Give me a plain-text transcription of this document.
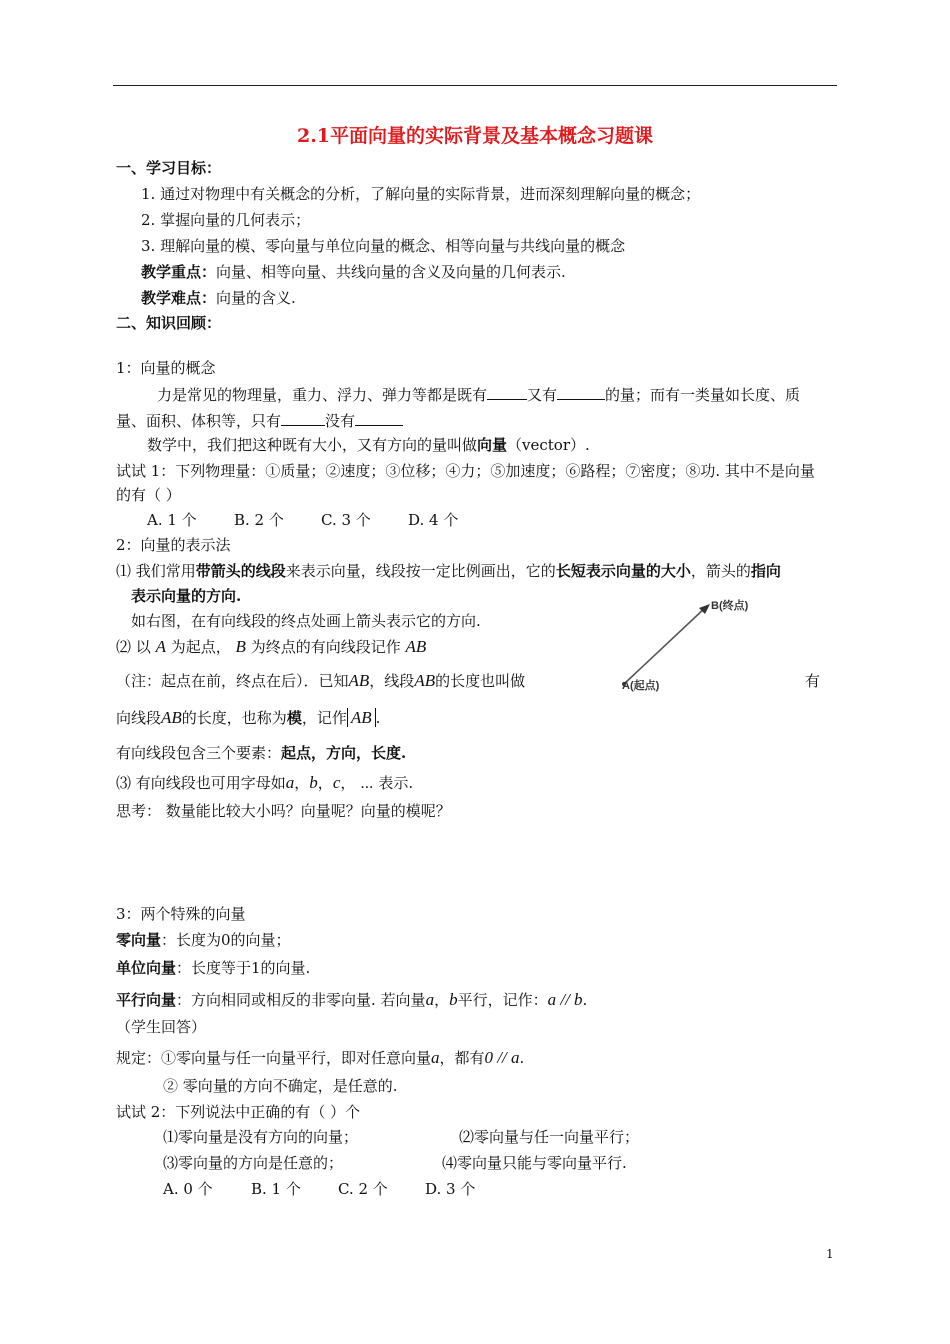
2.1平面向量的实际背景及基本概念习题课
一、学习目标：
1. 通过对物理中有关概念的分析，了解向量的实际背景，进而深刻理解向量的概念；
2. 掌握向量的几何表示；
3. 理解向量的模、零向量与单位向量的概念、相等向量与共线向量的概念
教学重点：向量、相等向量、共线向量的含义及向量的几何表示.
教学难点：向量的含义.
二、知识回顾：
1：向量的概念
力是常见的物理量，重力、浮力、弹力等都是既有	又有	的量；而有一类量如长度、质
量、面积、体积等，只有	没有
数学中，我们把这种既有大小，又有方向的量叫做向量（vector）.
试试 1：下列物理量：①质量；②速度；③位移；④力；⑤加速度；⑥路程；⑦密度；⑧功. 其中不是向量
的有（ ）
A. 1 个 B. 2 个 C. 3 个 D. 4 个
2：向量的表示法
⑴ 我们常用带箭头的线段来表示向量，线段按一定比例画出，它的长短表示向量的大小，箭头的指向
表示向量的方向.
如右图，在有向线段的终点处画上箭头表示它的方向.
⑵ 以 A 为起点， B 为终点的有向线段记作 AB
（注：起点在前，终点在后）．已知AB，线段AB的长度也叫做	有
向线段AB的长度，也称为模，记作 AB .
有向线段包含三个要素：起点，方向，长度.
⑶ 有向线段也可用字母如a，b，c， ⋯ 表示.
思考： 数量能比较大小吗？向量呢？向量的模呢？
B(终点)
A(起点)
3：两个特殊的向量
零向量：长度为0的向量；
单位向量：长度等于1的向量.
平行向量：方向相同或相反的非零向量. 若向量a，b平行，记作：a // b.
（学生回答）
规定：①零向量与任一向量平行，即对任意向量a，都有0 // a.
② 零向量的方向不确定，是任意的.
试试 2：下列说法中正确的有（ ）个
⑴零向量是没有方向的向量；	⑵零向量与任一向量平行；
⑶零向量的方向是任意的；	⑷零向量只能与零向量平行.
A. 0 个	B. 1 个 C. 2 个 D. 3 个
1
